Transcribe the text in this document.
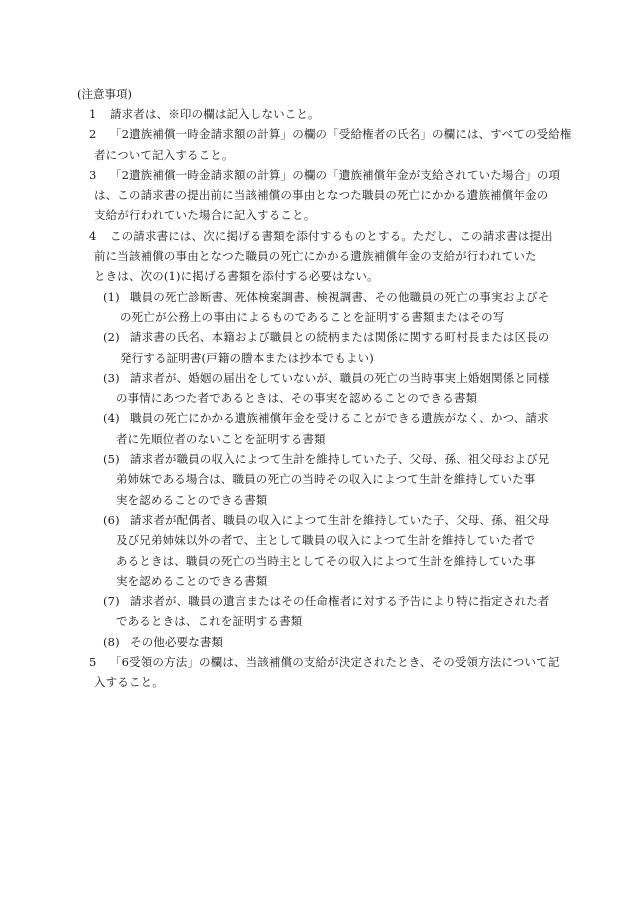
(注意事項)
1 請求者は、※印の欄は記入しないこと。
2 「2遺族補償一時金請求額の計算」の欄の「受給権者の氏名」の欄には、すべての受給権
者について記入すること。
3 「2遺族補償一時金請求額の計算」の欄の「遺族補償年金が支給されていた場合」の項
は、この請求書の提出前に当該補償の事由となつた職員の死亡にかかる遺族補償年金の
支給が行われていた場合に記入すること。
4 この請求書には、次に掲げる書類を添付するものとする。ただし、この請求書は提出
前に当該補償の事由となつた職員の死亡にかかる遺族補償年金の支給が行われていた
ときは、次の(1)に掲げる書類を添付する必要はない。
(1) 職員の死亡診断書、死体検案調書、検視調書、その他職員の死亡の事実およびそ
の死亡が公務上の事由によるものであることを証明する書類またはその写
(2) 請求書の氏名、本籍および職員との続柄または関係に関する町村長または区長の
発行する証明書(戸籍の謄本または抄本でもよい)
(3) 請求者が、婚姻の届出をしていないが、職員の死亡の当時事実上婚姻関係と同様
の事情にあつた者であるときは、その事実を認めることのできる書類
(4) 職員の死亡にかかる遺族補償年金を受けることができる遺族がなく、かつ、請求
者に先順位者のないことを証明する書類
(5) 請求者が職員の収入によつて生計を維持していた子、父母、孫、祖父母および兄
弟姉妹である場合は、職員の死亡の当時その収入によつて生計を維持していた事
実を認めることのできる書類
(6) 請求者が配偶者、職員の収入によつて生計を維持していた子、父母、孫、祖父母
及び兄弟姉妹以外の者で、主として職員の収入によつて生計を維持していた者で
あるときは、職員の死亡の当時主としてその収入によつて生計を維持していた事
実を認めることのできる書類
(7) 請求者が、職員の遺言またはその任命権者に対する予告により特に指定された者
であるときは、これを証明する書類
(8) その他必要な書類
5 「6受領の方法」の欄は、当該補償の支給が決定されたとき、その受領方法について記
入すること。
